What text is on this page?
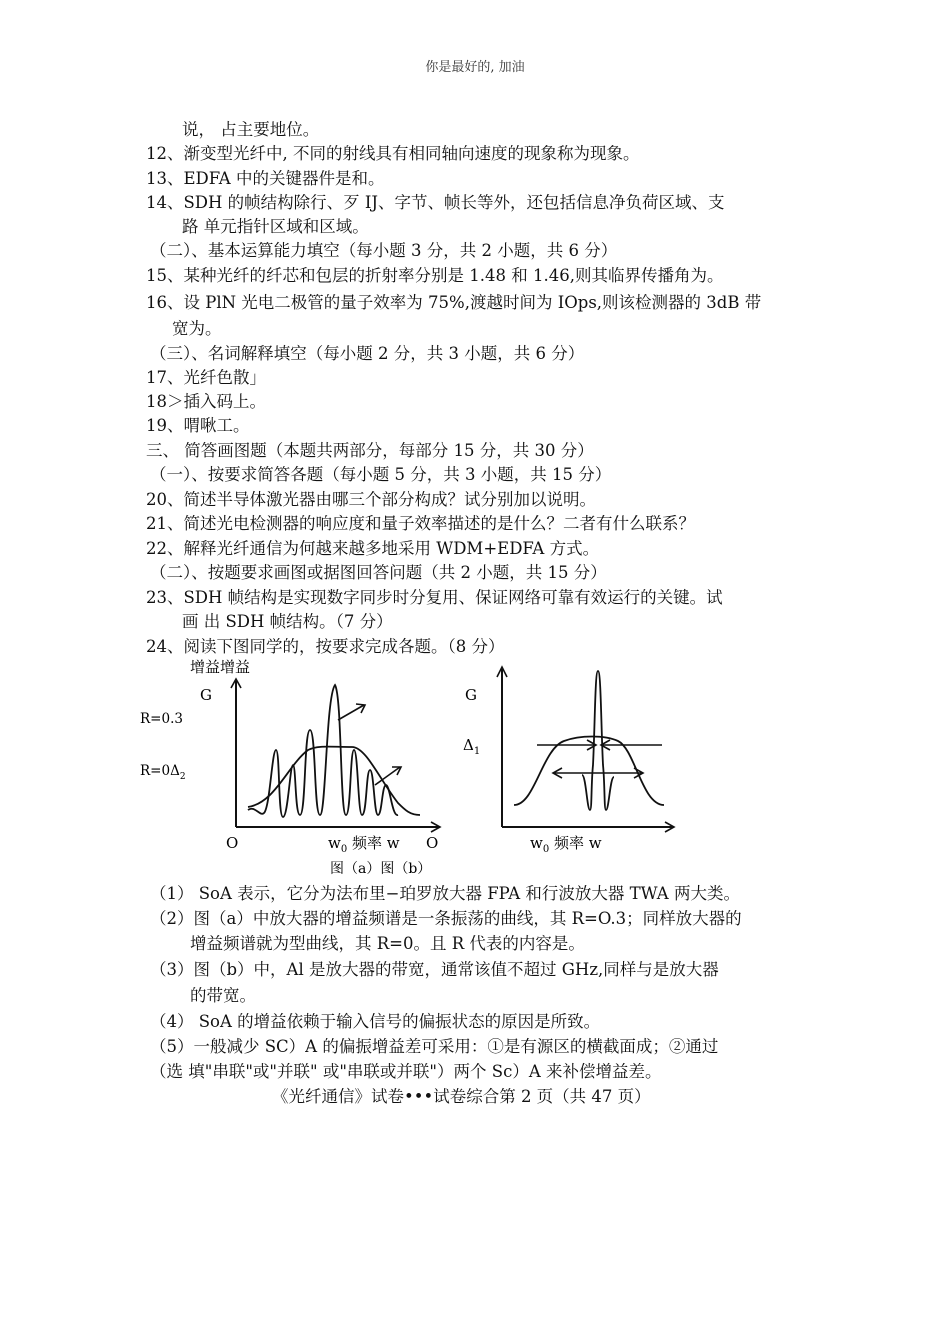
你是最好的, 加油
说， 占主要地位。
12、渐变型光纤中, 不同的射线具有相同轴向速度的现象称为现象。
13、EDFA 中的关键器件是和。
14、SDH 的帧结构除行、歹 IJ、字节、帧长等外，还包括信息净负荷区域、支
路 单元指针区域和区域。
（二）、基本运算能力填空（每小题 3 分，共 2 小题，共 6 分）
15、某种光纤的纤芯和包层的折射率分别是 1.48 和 1.46,则其临界传播角为。
16、设 PlN 光电二极管的量子效率为 75%,渡越时间为 IOps,则该检测器的 3dB 带
宽为。
（三）、名词解释填空（每小题 2 分，共 3 小题，共 6 分）
17、光纤色散」
18＞插入码上。
19、喟啾工。
三、 简答画图题（本题共两部分，每部分 15 分，共 30 分）
（一）、按要求简答各题（每小题 5 分，共 3 小题，共 15 分）
20、简述半导体激光器由哪三个部分构成？试分别加以说明。
21、简述光电检测器的响应度和量子效率描述的是什么？二者有什么联系？
22、解释光纤通信为何越来越多地采用 WDM+EDFA 方式。
（二）、按题要求画图或据图回答问题（共 2 小题，共 15 分）
23、SDH 帧结构是实现数字同步时分复用、保证网络可靠有效运行的关键。试
画 出 SDH 帧结构。（7 分）
24、阅读下图同学的，按要求完成各题。（8 分）
增益增益
G
R=0.3
$R=0\Delta_2$
O	$w_0$ 频率 w O
G
$\Delta_1$
$w_0$ 频率 w
图（a）图（b）
（1） SoA 表示，它分为法布里−珀罗放大器 FPA 和行波放大器 TWA 两大类。
（2）图（a）中放大器的增益频谱是一条振荡的曲线，其 R=O.3；同样放大器的
增益频谱就为型曲线，其 R=0。且 R 代表的内容是。
（3）图（b）中，Al 是放大器的带宽，通常该值不超过 GHz,同样与是放大器
的带宽。
（4） SoA 的增益依赖于输入信号的偏振状态的原因是所致。
（5）一般减少 SC）A 的偏振增益差可采用：①是有源区的横截面成；②通过
（选 填"串联"或"并联" 或"串联或并联"）两个 Sc）A 来补偿增益差。
《光纤通信》试卷•••试卷综合第 2 页（共 47 页）
